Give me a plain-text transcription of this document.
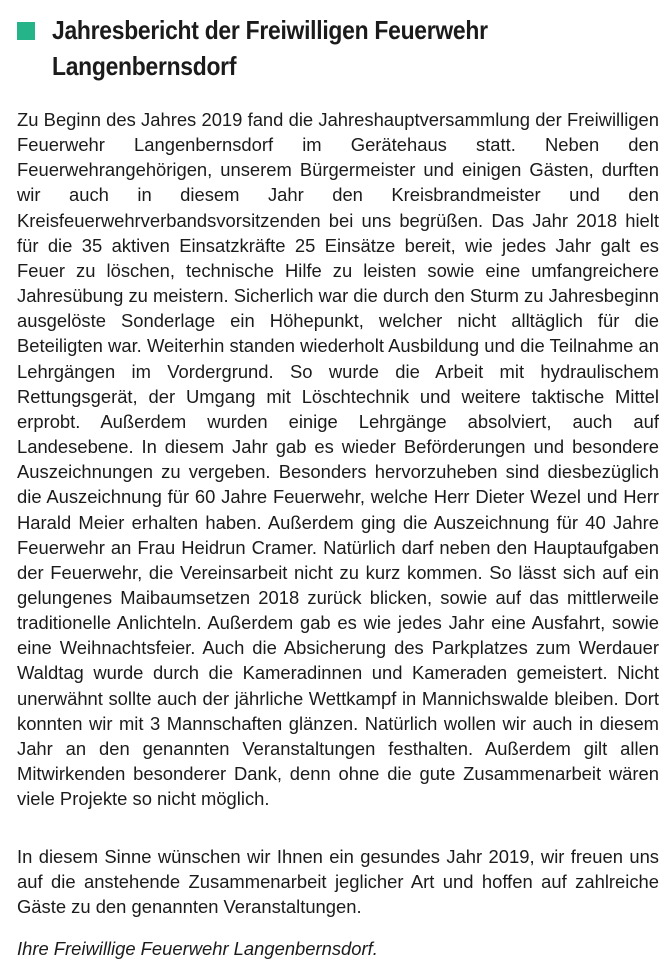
Jahresbericht der Freiwilligen Feuerwehr Langenbernsdorf

Zu Beginn des Jahres 2019 fand die Jahreshauptversammlung der Freiwilligen Feuerwehr Langenbernsdorf im Gerätehaus statt. Neben den Feuerwehrangehörigen, unserem Bürgermeister und einigen Gästen, durften wir auch in diesem Jahr den Kreisbrandmeister und den Kreisfeuerwehrverbandsvorsitzenden bei uns begrüßen. Das Jahr 2018 hielt für die 35 aktiven Einsatzkräfte 25 Einsätze bereit, wie jedes Jahr galt es Feuer zu löschen, technische Hilfe zu leisten sowie eine umfangreichere Jahresübung zu meistern. Sicherlich war die durch den Sturm zu Jahresbeginn ausgelöste Sonderlage ein Höhepunkt, welcher nicht alltäglich für die Beteiligten war. Weiterhin standen wiederholt Ausbildung und die Teilnahme an Lehrgängen im Vordergrund. So wurde die Arbeit mit hydraulischem Rettungsgerät, der Umgang mit Löschtechnik und weitere taktische Mittel erprobt. Außerdem wurden einige Lehrgänge absolviert, auch auf Landesebene. In diesem Jahr gab es wieder Beförderungen und besondere Auszeichnungen zu vergeben. Besonders hervorzuheben sind diesbezüglich die Auszeichnung für 60 Jahre Feuerwehr, welche Herr Dieter Wezel und Herr Harald Meier erhalten haben. Außerdem ging die Auszeichnung für 40 Jahre Feuerwehr an Frau Heidrun Cramer. Natürlich darf neben den Hauptaufgaben der Feuerwehr, die Vereinsarbeit nicht zu kurz kommen. So lässt sich auf ein gelungenes Maibaumsetzen 2018 zurück blicken, sowie auf das mittlerweile traditionelle Anlichteln. Außerdem gab es wie jedes Jahr eine Ausfahrt, sowie eine Weihnachtsfeier. Auch die Absicherung des Parkplatzes zum Werdauer Waldtag wurde durch die Kameradinnen und Kameraden gemeistert. Nicht unerwähnt sollte auch der jährliche Wettkampf in Mannichswalde bleiben. Dort konnten wir mit 3 Mannschaften glänzen. Natürlich wollen wir auch in diesem Jahr an den genannten Veranstaltungen festhalten. Außerdem gilt allen Mitwirkenden besonderer Dank, denn ohne die gute Zusammenarbeit wären viele Projekte so nicht möglich.

In diesem Sinne wünschen wir Ihnen ein gesundes Jahr 2019, wir freuen uns auf die anstehende Zusammenarbeit jeglicher Art und hoffen auf zahlreiche Gäste zu den genannten Veranstaltungen.

Ihre Freiwillige Feuerwehr Langenbernsdorf.
